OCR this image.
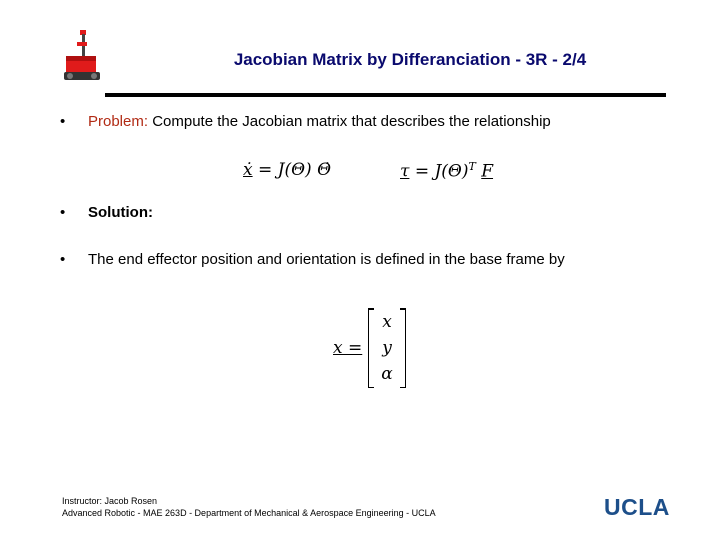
Jacobian Matrix by Differanciation - 3R - 2/4
•	Problem: Compute the Jacobian matrix that describes the relationship
ẋ = J(Θ) Θ̇	$\tau = J(\Theta)^T$ F
•	Solution:
•	The end effector position and orientation is defined in the base frame by
x =
x
y
α
Instructor: Jacob Rosen
Advanced Robotic - MAE 263D - Department of Mechanical & Aerospace Engineering - UCLA	UCLA
